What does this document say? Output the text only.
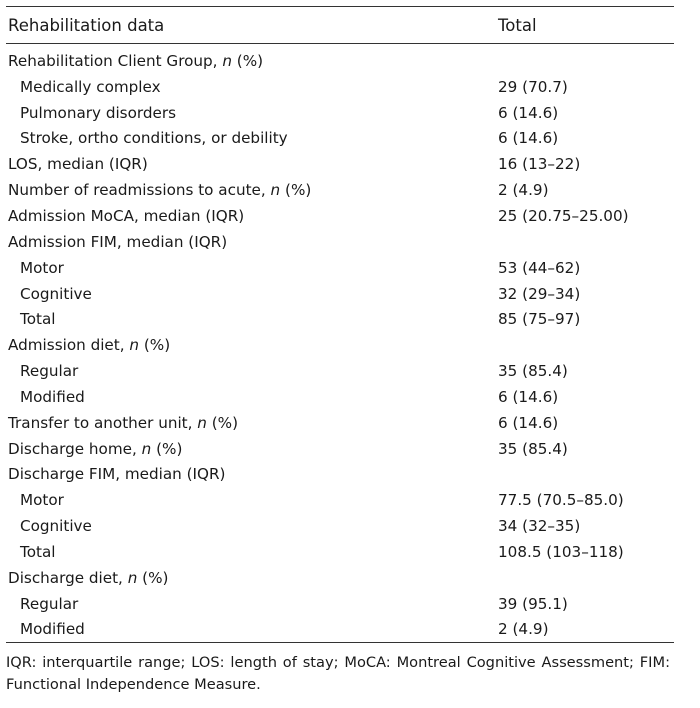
Rehabilitation data	Total
Rehabilitation Client Group, n (%)	
Medically complex	29 (70.7)
Pulmonary disorders	6 (14.6)
Stroke, ortho conditions, or debility	6 (14.6)
LOS, median (IQR)	16 (13–22)
Number of readmissions to acute, n (%)	2 (4.9)
Admission MoCA, median (IQR)	25 (20.75–25.00)
Admission FIM, median (IQR)	
Motor	53 (44–62)
Cognitive	32 (29–34)
Total	85 (75–97)
Admission diet, n (%)	
Regular	35 (85.4)
Modified	6 (14.6)
Transfer to another unit, n (%)	6 (14.6)
Discharge home, n (%)	35 (85.4)
Discharge FIM, median (IQR)	
Motor	77.5 (70.5–85.0)
Cognitive	34 (32–35)
Total	108.5 (103–118)
Discharge diet, n (%)	
Regular	39 (95.1)
Modified	2 (4.9)
IQR: interquartile range; LOS: length of stay; MoCA: Montreal Cognitive Assessment; FIM: Functional Independence Measure.
